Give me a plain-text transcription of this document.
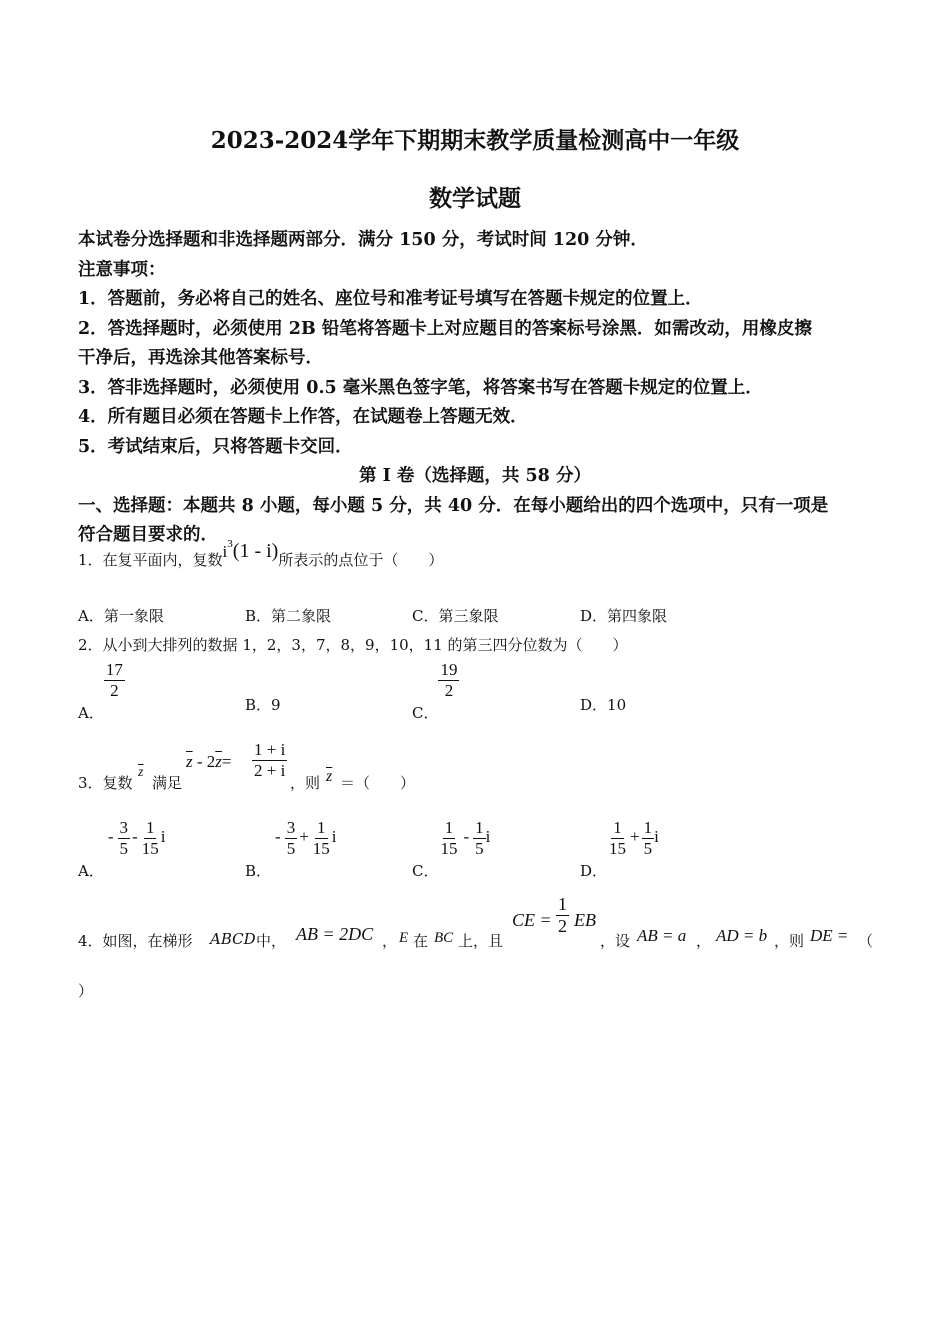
2023-2024学年下期期末教学质量检测高中一年级
数学试题
本试卷分选择题和非选择题两部分．满分 150 分，考试时间 120 分钟．
注意事项：
1．答题前，务必将自己的姓名、座位号和准考证号填写在答题卡规定的位置上．
2．答选择题时，必须使用 2B 铅笔将答题卡上对应题目的答案标号涂黑．如需改动，用橡皮擦
干净后，再选涂其他答案标号．
3．答非选择题时，必须使用 0.5 毫米黑色签字笔，将答案书写在答题卡规定的位置上．
4．所有题目必须在答题卡上作答，在试题卷上答题无效．
5．考试结束后，只将答题卡交回．
第 I 卷（选择题，共 58 分）
一、选择题：本题共 8 小题，每小题 5 分，共 40 分．在每小题给出的四个选项中，只有一项是
符合题目要求的．
1．在复平面内，复数$i^3(1 - i)$所表示的点位于（　　）
A．第一象限	B．第二象限	C．第三象限	D．第四象限
2．从小到大排列的数据 1，2，3，7，8，9，10，11 的第三四分位数为（　　）
A．
$\frac{17}{2}$
B．9	C．
$\frac{19}{2}$
D．10
3．复数
$\overline{z}$
满足
$\overline{z} - 2\overline{z}= \frac{1 + i}{2 + i}$
，则 $\overline{z}$ ＝（　　）
A．- $\frac{3}{5} - \frac{1}{15}$ i
B．- $\frac{3}{5} + \frac{1}{15}$ i
C．
$\frac{1}{15} - \frac{1}{5}$ i
D．
$\frac{1}{15} + \frac{1}{5}$ i
4．如图，在梯形 ABCD 中， AB = 2DC ， E 在 BC 上，且
CE = $\frac{1}{2}$ EB
，设 AB = a ， AD = b ，则 DE = （
）
